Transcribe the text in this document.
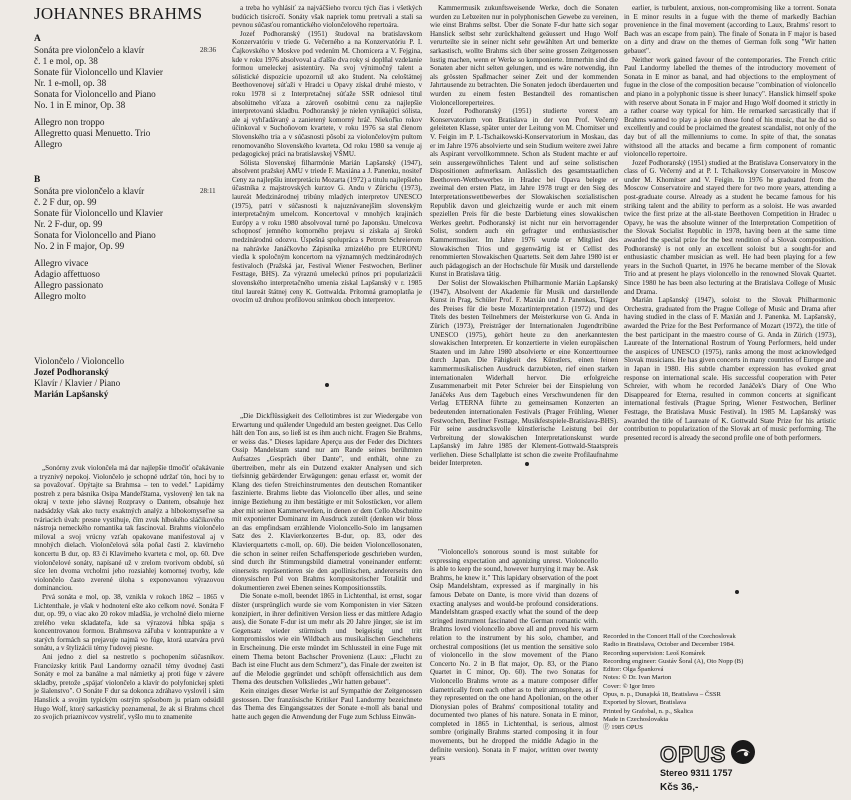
JOHANNES BRAHMS
A
Sonáta pre violončelo a klavír
č. 1 e mol, op. 38
Sonate für Violoncello und Klavier
Nr. 1 e-moll, op. 38
Sonata for Violoncello and Piano
No. 1 in E minor, Op. 38
Allegro non troppo
Allegretto quasi Menuetto. Trio
Allegro
28:36
B
Sonáta pre violončelo a klavír
č. 2 F dur, op. 99
Sonate für Violoncello und Klavier
Nr. 2 F-dur, op. 99
Sonata for Violoncello and Piano
No. 2 in F major, Op. 99
Allegro vivace
Adagio affettuoso
Allegro passionato
Allegro molto
28:11
Violončelo / Violoncello
Jozef Podhoranský
Klavír / Klavier / Piano
Marián Lapšanský

a treba ho vyhlásiť za najväčšieho tvorcu tých čias i všetkých budúcich tisícročí. Sonáty však napriek tomu pretrvali a stali sa pevnou súčasťou romantického violončelového repertoára.

Jozef Podhoranský (1951) študoval na bratislavskom Konzervatóriu v triede G. Večerného a na Konzervatóriu P. I. Čajkovského v Moskve pod vedením M. Chomicera a V. Fejgina, kde v roku 1976 absolvoval a ďalšie dva roky si doplňal vzdelanie formou umeleckej asistentúry. Na svoj výnimočný talent a sólistické dispozície upozornil už ako študent. Na celoštátnej Beethovenovej súťaži v Hradci u Opavy získal druhé miesto, v roku 1978 si z Interpretačnej súťaže SSR odniesol titul absolútneho víťaza a zároveň osobitnú cenu za najlepšie interpretovanú skladbu. Podhoranský je nielen vynikajúci sólista, ale aj vyhľadávaný a zanietený komorný hráč. Niekoľko rokov účinkoval v Suchoňovom kvartete, v roku 1976 sa stal členom Slovenského tria a v súčasnosti pôsobí za violončelovým pultom renomovaného Slovenského kvarteta. Od roku 1980 sa venuje aj pedagogickej práci na bratislavskej VŠMU.

Sólista Slovenskej filharmónie Marián Lapšanský (1947), absolvent pražskej AMU v triede F. Maxiána a J. Panenku, nositeľ Ceny za najlepšiu interpretáciu Mozarta (1972) a titulu najlepšieho účastníka z majstrovských kurzov G. Andu v Zürichu (1973), laureát Medzinárodnej tribúny mladých interpretov UNESCO (1975), patrí v súčasnosti k najuznávanejším slovenským interpretačným umelcom. Koncertoval v mnohých krajinách Európy a v roku 1980 absolvoval turné po Japonsku. Umelcova schopnosť jemného komorného prejavu si získala aj širokú medzinárodnú odozvu. Úspešná spolupráca s Petrom Schreierom na nahrávke Janáčkovho Zápisníka zmizelého pre EURONU viedla k spoločným koncertom na významných medzinárodných festivaloch (Pražská jar, Festival Wiener Festwochen, Berliner Festtage, BHS). Za výraznú umeleckú prínos pri popularizácii slovenského interpretačného umenia získal Lapšanský v r. 1985 titul laureát štátnej ceny K. Gottwalda. Prítomná gramoplatňa je ovocím už druhou profilovou snímkou oboch interpretov.

Kammermusik zukunftsweisende Werke, doch die Sonaten wurden zu Lebzeiten nur in polyphonischen Gewebe zu vereinen, wie einst Brahms selbst. Über die Sonate F-dur hatte sich sogar Hanslick selbst sehr zurückhaltend geäussert und Hugo Wolf verurteilte sie in seiner nicht sehr gewählten Art und bemerkte sarkastisch, wollte Brahms sich über seine grossen Zeitgenossen lustig machen, wenn er Werke so komponierte. Immerhin sind die Sonaten aber nicht selten gelungen, und es wäre notwendig, ihn als grössten Spaßmacher seiner Zeit und der kommenden Jahrtausende zu betrachten. Die Sonaten jedoch überdauerten und wurden zu einem festen Bestandteil des romantischen Violoncelloreperteires.

Jozef Podhoranský (1951) studierte vorerst am Konservatorium von Bratislava in der von Prof. Večerný geleiteten Klasse, später unter der Leitung von M. Chomitser und V. Feigin im P. I.-Tschaikowski-Konservatorium in Moskau, das er im Jahre 1976 absolvierte und sein Studium weitere zwei Jahre als Aspirant vervollkommnete. Schon als Student machte er auf sein aussergewöhnliches Talent und auf seine solistischen Dispositionen aufmerksam. Anlässlich des gesamtstaatlichen Beethoven-Wettbewerbes in Hradec bei Opava belegte er zweimal den ersten Platz, im Jahre 1978 trugt er den Sieg des Interpretationswettbewerbes der Slowakischen sozialistischen Republik davon und gleichzeitig wurde er auch mit einem speziellen Preis für die beste Darbietung eines slowakischen Werkes geehrt. Podhoranský ist nicht nur ein hervorragender Solist, sondern auch ein gefragter und enthusiastischer Kammermusiker. Im Jahre 1976 wurde er Mitglied des Slowakischen Trios und gegenwärtig ist er Cellist des renommierten Slowakischen Quartetts. Seit dem Jahre 1980 ist er auch pädagogisch an der Hochschule für Musik und darstellende Kunst in Bratislava tätig.

Der Solist der Slowakischen Philharmonie Marián Lapšanský (1947), Absolvent der Akademie für Musik und darstellende Kunst in Prag, Schüler Prof. F. Maxián und J. Panenkas, Träger des Preises für die beste Mozartinterpretation (1972) und des Titels des besten Teilnehmers der Meisterkurse von G. Anda in Zürich (1973), Preisträger der Internationalen Jugendtribüne UNESCO (1975), gehört heute zu den anerkanntesten slowakischen Interpreten. Er konzertierte in vielen europäischen Staaten und im Jahre 1980 absolvierte er eine Konzerttournee durch Japan. Die Fähigkeit des Künstlers, einen feinen kammermusikalischen Ausdruck darzubieten, rief einen starken internationalen Widerhall hervor. Die erfolgreiche Zusammenarbeit mit Peter Schreier bei der Einspielung von Janáčeks Aus dem Tagebuch eines Verschwundenen für den Verlag ETERNA führte zu gemeinsamen Konzerten an bedeutenden internationalen Festivals (Prager Frühling, Wiener Festwochen, Berliner Festtage, Musikfestspiele-Bratislava-BHS). Für seine ausdrucksvolle künstlerische Leistung bei der Verbreitung der slowakischen Interpretationskunst wurde Lapšanský im Jahre 1985 der Klement-Gottwald-Staatspreis verliehen. Diese Schallplatte ist schon die zweite Profilaufnahme beider Interpreten.

earlier, is turbulent, anxious, non-compromising like a torrent. Sonata in E minor results in a fugue with the theme of markedly Bachian provenience in the final movement (according to Laux, Brahms' resort to Bach was an escape from pain). The finale of Sonata in F major is based on a dirty and draw on the themes of German folk song "Wir hatten gebauet".

Neither work gained favour of the contemporaries. The French critic Paul Landormy labelled the themes of the introductory movement of Sonata in E minor as banal, and had objections to the employment of fugue in the close of the composition because "combination of violoncello and piano in a polyphonic tissue is sheer lunacy". Hanslick himself spoke with reserve about Sonata in F major and Hugo Wolf doomed it strictly in a rather coarse way typical for him. He remarked sarcastically that if Brahms wanted to play a joke on those fond of his music, that he did so excellently and could be proclaimed the greatest scandalist, not only of the day but of all the millenniums to come. In spite of that, the sonatas withstood all the attacks and became a firm component of romantic violoncello repertoire.

Jozef Podhoranský (1951) studied at the Bratislava Conservatory in the class of G. Večerný and at P. I. Tchaikovsky Conservatoire in Moscow under M. Khomitser and V. Feigin. In 1976 he graduated from the Moscow Conservatoire and stayed there for two more years, attending a post-graduate course. Already as a student he became famous for his striking talent and the ability to perform as a soloist. He was awarded twice the first prize at the all-state Beethoven Competition in Hradec u Opavy, he was the absolute winner of the Interpretation Competition of the Slovak Socialist Republic in 1978, having been at the same time awarded the special prize for the best rendition of a Slovak composition. Podhoranský is not only an excellent soloist but a sought-for and enthusiastic chamber musician as well. He had been playing for a few years in the Suchoň Quartet, in 1976 he became member of the Slovak Trio and at present he plays violoncello in the renowned Slovak Quartet. Since 1980 he has been also lecturing at the Bratislava College of Music and Drama.

Marián Lapšanský (1947), soloist to the Slovak Philharmonic Orchestra, graduated from the Prague College of Music and Drama after having studied in the class of F. Maxián and J. Panenka. M. Lapšanský, awarded the Prize for the Best Performance of Mozart (1972), the title of the best participant in the maestro course of G. Anda in Zürich (1973), Laureate of the International Rostrum of Young Performers, held under the auspices of UNESCO (1975), ranks among the most acknowledged Slovak musicians. He has given concerts in many countries of Europe and in Japan in 1980. His subtle chamber expression has evoked great response on international scale. His successful cooperation with Peter Schreier, with whom he recorded Janáček's Diary of One Who Disappeared for Eterna, resulted in common concerts at significant international festivals (Prague Spring, Wiener Festwochen, Berliner Festtage, the Bratislava Music Festival). In 1985 M. Lapšanský was awarded the title of Laureate of K. Gottwald State Prize for his artistic contribution to popularization of the Slovak art of music performing. The presented record is already the second profile one of both performers.

„Sonórny zvuk violončela má dar najlepšie tlmočiť očakávanie a tryznivý nepokoj. Violončelo je schopné udržať tón, hoci by to sa považovať. Opýtajte sa Brahmsa – ten to vedel." Lapidárny postreh z pera básnika Osipa Mandeľštama, vyslovený len tak na okraj v texte jeho slávnej Rozpravy o Dantem, obsahuje hez nadsádzky však ako tucty exaktných analýz a hlbokomyseľne sa tváriacich úvah: presne vystihuje, čím zvuk hlbokého sláčikového nástroja nemeckého romantika tak fascinoval. Brahms violončelo miloval a svoj vrúcny vzťah opakovane manifestoval aj v mnohých dielach. Violončelová sóla poňal časti 2. klavírneho koncertu B dur, op. 83 či Klavírneho kvarteta c mol, op. 60. Dve violončelové sonáty, napísané už v zrelom tvorivom období, sú síce len dvoma vrcholmi jeho rozsiahlej komornej tvorby, kde violončelo často zverené úloha s exponovanou výrazovou dominanciou.

Prvá sonáta e mol, op. 38, vznikla v rokoch 1862 – 1865 v Lichtenthale, je však v hodnotení ešte ako celkom nové. Sonáta F dur, op. 99, o viac ako 20 rokov mladšia, je vrcholné dielo mierne zrelého veku skladateľa, kde sa výrazová hĺbka spája s koncentrovanou formou. Brahmsova záľuba v kontrapunkte a v starých formách sa prejavuje najmä vo fúge, ktorá uzatvára prvú sonátu, a v štylizácii témy ľudovej piesne.

Ani jedno z diel sa nestretlo s pochopením súčasníkov. Francúzsky kritik Paul Landormy označil témy úvodnej časti Sonáty e mol za banálne a mal námietky aj proti fúge v závere skladby, pretože „spájať violončelo a klavír do polyfonickej spleti je šialenstvo". O Sonáte F dur sa dokonca zdráhavo vyslovil i sám Hanslick a svojim typickým ostrým spôsobom ju priam odsúdil Hugo Wolf, ktorý sarkasticky poznamenal, že ak si Brahms chcel zo svojich priaznivcov vystreliť, vyšlo mu to znamenite

„Die Dickflüssigkeit des Cellotimbres ist zur Wiedergabe von Erwartung und quälender Ungeduld am besten geeignet. Das Cello hält den Ton aus, so ließ ist es ihm auch nicht. Fragen Sie Brahms, er weiss das." Dieses lapidare Aperçu aus der Feder des Dichters Ossip Mandelstam stand nur am Rande seines berühmten Aufsatzes „Gespräch über Dante", und enthält, ohne zu übertreiben, mehr als ein Dutzend exakter Analysen und sich tiefsinnig gebärdender Erwägungen: genau erfasst er, womit der Klang des tiefen Streichinstrumentes den deutschen Romantiker faszinierte. Brahms liebte das Violoncello über alles, und seine innige Beziehung zu ihm bestätigte er mit Solostücken, vor allem aber mit seinen Kammerwerken, in denen er dem Cello Abschnitte mit exponierter Dominanz im Ausdruck zuteilt (denken wir bloss an das empfindsam erzählende Violoncello-Solo im langsamen Satz des 2. Klavierkonzertes B-dur, op. 83, oder des Klavierquartetts c-moll, op. 60). Die beiden Violoncellosonaten, die schon in seiner reifen Schaffensperiode geschrieben wurden, sind durch ihr Stimmungsbild diametral voneinander entfernt: einerseits repräsentieren sie den apollinischen, andererseits den dionysischen Pol von Brahms kompositorischer Totalität und dokumentieren zwei Ebenen seines Kompositionsstils.

Die Sonate e-moll, beendet 1865 in Lichtenthal, ist ernst, sogar düster (ursprünglich wurde sie vom Komponisten in vier Sätzen konzipiert, in ihrer definitiven Version liess er das mittlere Adagio aus), die Sonate F-dur ist um mehr als 20 Jahre jünger, sie ist im Gegensatz wieder stürmisch und beigeistig und tritt kompromisslos wie ein Wildbach aus musikalischen Geschehens in Erscheinung. Die erste mündet im Schlussteil in eine Fuge mit einem Thema betont Bachscher Provenienz (Laux: „Flucht zu Bach ist eine Flucht aus dem Schmerz"), das Finale der zweiten ist auf die Melodie gegründet und schöpft offensichtlich aus dem Thema des deutschen Volksliedes „Wir hatten gebauet".

Kein einziges dieser Werke ist auf Sympathie der Zeitgenossen gestossen. Der französische Kritiker Paul Landormy bezeichnete das Thema des Eingangssatzes der Sonate e-moll als banal und hatte auch gegen die Anwendung der Fuge zum Schluss Einwän-

"Violoncello's sonorous sound is most suitable for expressing expectation and agonizing unrest. Violoncello is able to keep the sound, however hurrying it may be. Ask Brahms, he knew it." This lapidary observation of the poet Osip Mandelshtam, expressed as if marginally in his famous Debate on Dante, is more vivid than dozens of exacting analyses and would-be profound considerations. Mandelshtam grasped exactly what the sound of the deep stringed instrument fascinated the German romantic with. Brahms loved violoncello above all and proved his warm relation to the instrument by his solo, chamber, and orchestral compositions (let us mention the sensitive solo of violoncello in the slow movement of the Piano Concerto No. 2 in B flat major, Op. 83, or the Piano Quartet in C minor, Op. 60). The two Sonatas for Violoncello Brahms wrote as a mature composer differ diametrically from each other as to their atmosphere, as if they represented on the one hand Apollonian, on the other Dionysian poles of Brahms' compositional totality and documented two planes of his nature. Sonata in E minor, completed in 1865 in Lichtenthal, is serious, almost sombre (originally Brahms started composing it in four movements, but he dropped the middle Adagio in the definite version). Sonata in F major, written over twenty years

Recorded in the Concert Hall of the Czechoslovak
Radio in Bratislava, October and December 1984.
Recording supervision: Leoš Komárek
Recording engineer: Gustáv Šoral (A), Oto Nopp (B)
Editor: Olga Španková
Notes: © Dr. Ivan Marton
Cover: © Igor Imro
Opus, n. p., Dunajská 18, Bratislava – ČSSR
Exported by Slovart, Bratislava
Printed by Grafobal, n. p., Skalica
Made in Czechoslovakia
Ⓟ 1985 OPUS
OPUS
Stereo 9311 1757
Kčs 36,-
